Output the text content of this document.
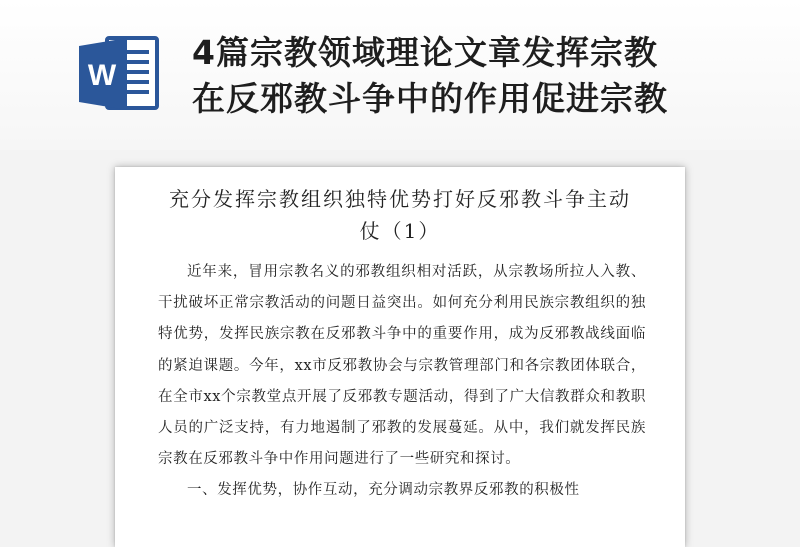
W
4篇宗教领域理论文章发挥宗教
在反邪教斗争中的作用促进宗教
充分发挥宗教组织独特优势打好反邪教斗争主动
仗（1）

近年来，冒用宗教名义的邪教组织相对活跃，从宗教场所拉人入教、干扰破坏正常宗教活动的问题日益突出。如何充分利用民族宗教组织的独特优势，发挥民族宗教在反邪教斗争中的重要作用，成为反邪教战线面临的紧迫课题。今年，xx市反邪教协会与宗教管理部门和各宗教团体联合，在全市xx个宗教堂点开展了反邪教专题活动，得到了广大信教群众和教职人员的广泛支持，有力地遏制了邪教的发展蔓延。从中，我们就发挥民族宗教在反邪教斗争中作用问题进行了一些研究和探讨。

一、发挥优势，协作互动，充分调动宗教界反邪教的积极性
